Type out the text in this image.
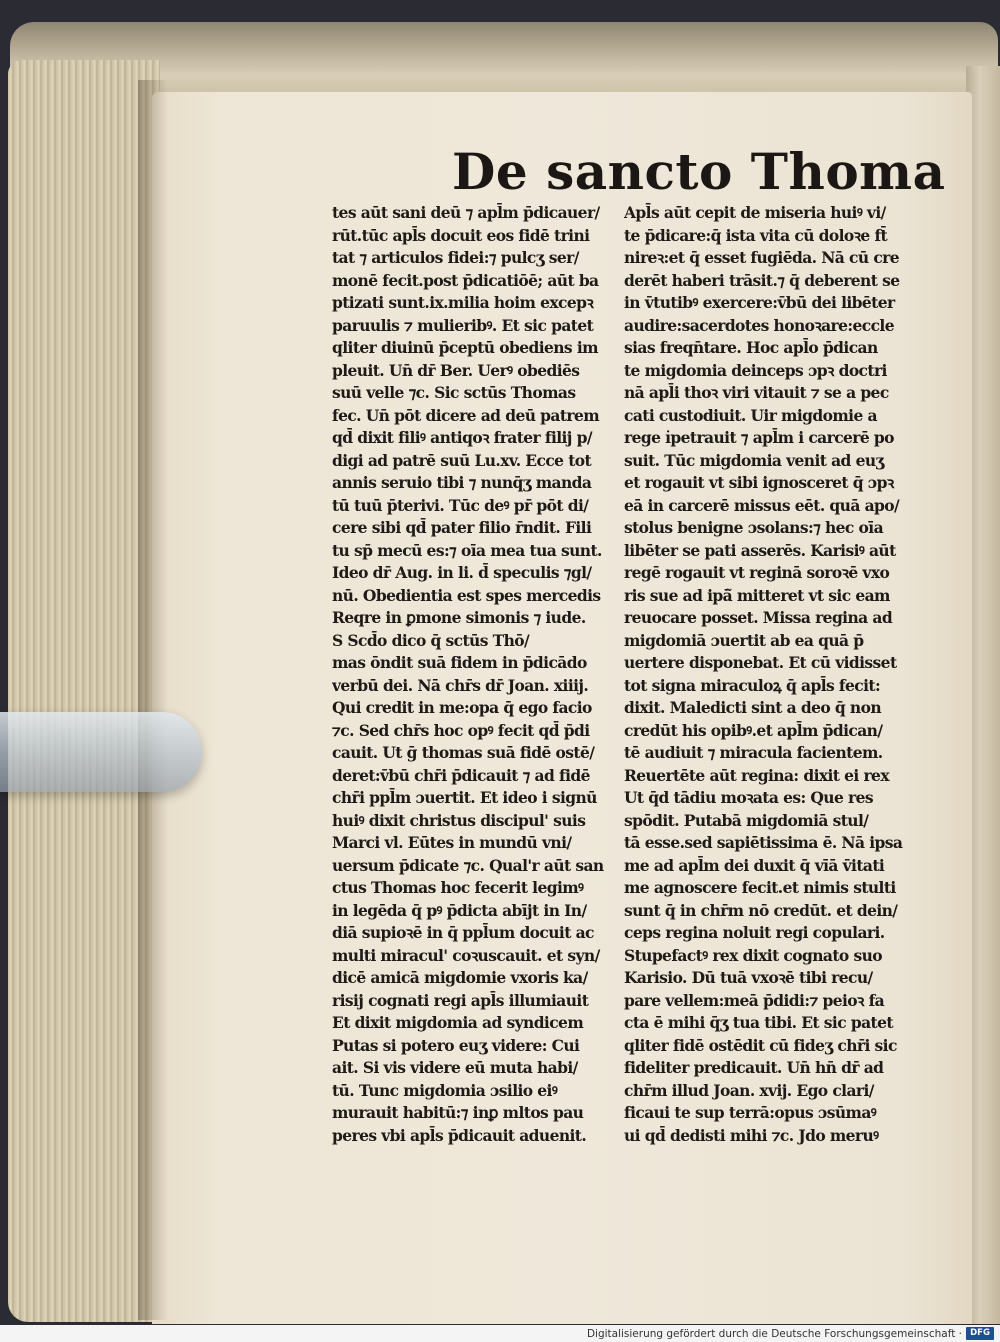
De sancto Thoma
tes aūt sani deū ⁊ apl̄m p̄dicauer/
rūt.tūc apl̄s docuit eos fidē trini
tat ⁊ articulos fidei:⁊ pulcʒ ser/
monē fecit.post p̄dicatiōē; aūt ba
ptizati sunt.ix.milia hoim excepꝛ
paruulis ⁊ mulieribꝰ. Et sic patet
qliter diuinū p̄ceptū obediens im
pleuit. Un̄ dr̄ Ber. Uerꝰ obediēs
suū velle ⁊c. Sic sctūs Thomas
fec. Un̄ pōt dicere ad deū patrem
qd̄ dixit filiꝰ antiqoꝛ frater filij p/
digi ad patrē suū Lu.xv. Ecce tot
annis seruio tibi ⁊ nunq̄ʒ manda
tū tuū p̄terivi. Tūc deꝰ pr̄ pōt di/
cere sibi qd̄ pater filio r̄ndit. Fili
tu sp̄ mecū es:⁊ oīa mea tua sunt.
Ideo dr̄ Aug. in li. d̄ speculis ⁊gl/
nū. Obedientia est spes mercedis
Reqre in ꝑmone simonis ⁊ iude.
S Scd̄o dico q̄ sctūs Thō/
mas ōndit suā fidem in p̄dicādo
verbū dei. Nā chr̄s dr̄ Joan. xiiij.
Qui credit in me:opa q̄ ego facio
⁊c. Sed chr̄s hoc opꝰ fecit qd̄ p̄di
cauit. Ut ḡ thomas suā fidē ostē/
deret:v̄bū chr̄i p̄dicauit ⁊ ad fidē
chr̄i ppl̄m ɔuertit. Et ideo i signū
huiꝰ dixit christus discipul' suis
Marci vl. Eūtes in mundū vni/
uersum p̄dicate ⁊c. Qual'r aūt san
ctus Thomas hoc fecerit legimꝰ
in legēda q̄ pꝰ p̄dicta abījt in In/
diā supioꝛē in q̄ ppl̄um docuit ac
multi miracul' coꝛuscauit. et syn/
dicē amicā migdomie vxoris ka/
risij cognati regi apl̄s illumiauit
Et dixit migdomia ad syndicem
Putas si potero euʒ videre: Cui
ait. Si vis videre eū muta habi/
tū. Tunc migdomia ɔsilio eiꝰ
murauit habitū:⁊ inꝑ mltos pau
peres vbi apl̄s p̄dicauit aduenit.
Apl̄s aūt cepit de miseria huiꝰ vi/
te p̄dicare:q̄ ista vita cū doloꝛe ft̄
nireꝛ:et q̄ esset fugiēda. Nā cū cre
derēt haberi trāsit.⁊ q̄ deberent se
in v̄tutibꝰ exercere:v̄bū dei libēter
audire:sacerdotes honoꝛare:eccle
sias freqn̄tare. Hoc apl̄o p̄dican
te migdomia deinceps ɔpꝛ doctri
nā apl̄i thoꝛ viri vitauit ⁊ se a pec
cati custodiuit. Uir migdomie a
rege i̇petrauit ⁊ apl̄m i carcerē po
suit. Tūc migdomia venit ad euʒ
et rogauit vt sibi ignosceret q̄ ɔpꝛ
eā in carcerē missus eēt. quā apo/
stolus benigne ɔsolans:⁊ hec oīa
libēter se pati asserēs. Karisiꝰ aūt
regē rogauit vt reginā soroꝛē vxo
ris sue ad ipā̃ mitteret vt sic eam
reuocare posset. Missa regina ad
migdomiā ɔuertit ab ea quā p̄
uertere disponebat. Et cū vidisset
tot signa miraculoꝝ q̄ apl̄s fecit:
dixit. Maledicti sint a deo q̄ non
credūt his opibꝰ.et apl̄m p̄dican/
tē audiuit ⁊ miracula facientem.
Reuertēte aūt regina: dixit ei rex
Ut q̄d tādiu moꝛata es: Que res
spōdit. Putabā migdomiā stul/
tā esse.sed sapiētissima ē. Nā ipsa
me ad apl̄m dei duxit q̄ vīā v̄itati
me agnoscere fecit.et nimis stulti
sunt q̄ in chr̄m nō credūt. et dein/
ceps regina noluit regi copulari.
Stupefactꝰ rex dixit cognato suo
Karisio. Dū tuā vxoꝛē tibi recu/
pare vellem:meā p̄didi:⁊ peioꝛ fa
cta ē mihi q̄ʒ tua tibi. Et sic patet
qliter fidē ostēdit cū fideʒ chr̄i sic
fideliter predicauit. Un̄ hn̄ dr̄ ad
chr̄m illud Joan. xvij. Ego clari/
ficaui te sup terrā:opus ɔsūmaꝰ
ui qd̄ dedisti mihi ⁊c. Jdo meruꝰ
Digitalisierung gefördert durch die Deutsche Forschungsgemeinschaft · DFG
